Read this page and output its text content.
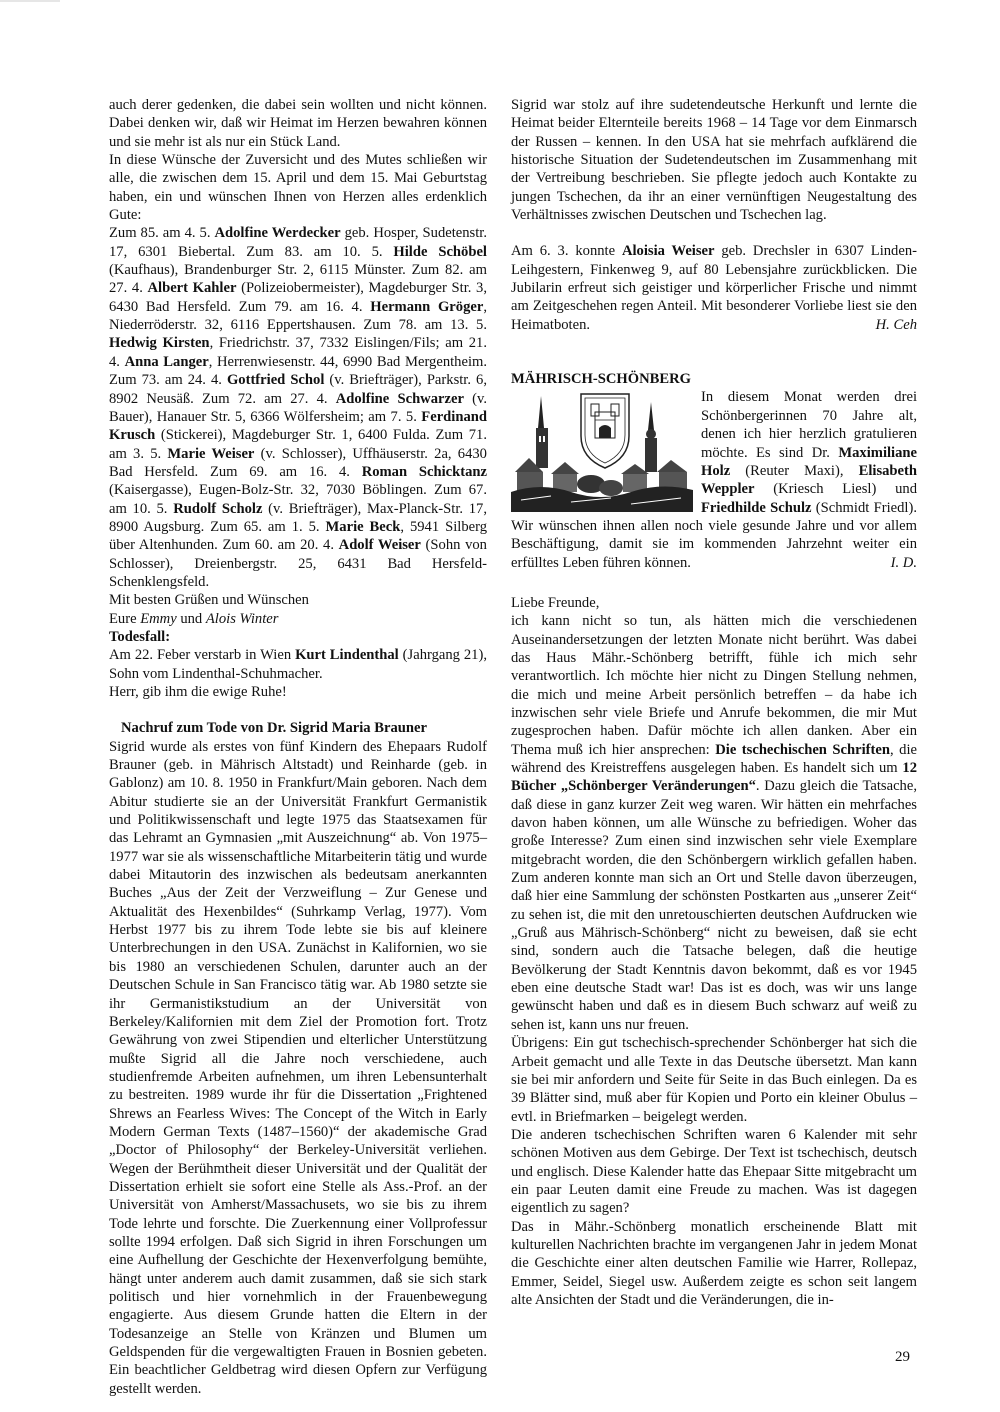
auch derer gedenken, die dabei sein wollten und nicht können. Dabei denken wir, daß wir Heimat im Herzen bewahren können und sie mehr ist als nur ein Stück Land.

In diese Wünsche der Zuversicht und des Mutes schließen wir alle, die zwischen dem 15. April und dem 15. Mai Geburtstag haben, ein und wünschen Ihnen von Herzen alles erdenklich Gute:

Zum 85. am 4. 5. Adolfine Werdecker geb. Hosper, Sudetenstr. 17, 6301 Biebertal. Zum 83. am 10. 5. Hilde Schöbel (Kaufhaus), Brandenburger Str. 2, 6115 Münster. Zum 82. am 27. 4. Albert Kahler (Polizeiobermeister), Magdeburger Str. 3, 6430 Bad Hersfeld. Zum 79. am 16. 4. Hermann Gröger, Niederröderstr. 32, 6116 Eppertshausen. Zum 78. am 13. 5. Hedwig Kirsten, Friedrichstr. 37, 7332 Eislingen/Fils; am 21. 4. Anna Langer, Herrenwiesenstr. 44, 6990 Bad Mergentheim. Zum 73. am 24. 4. Gottfried Schol (v. Briefträger), Parkstr. 6, 8902 Neusäß. Zum 72. am 27. 4. Adolfine Schwarzer (v. Bauer), Hanauer Str. 5, 6366 Wölfersheim; am 7. 5. Ferdinand Krusch (Stickerei), Magdeburger Str. 1, 6400 Fulda. Zum 71. am 3. 5. Marie Weiser (v. Schlosser), Uffhäuserstr. 2a, 6430 Bad Hersfeld. Zum 69. am 16. 4. Roman Schicktanz (Kaisergasse), Eugen-Bolz-Str. 32, 7030 Böblingen. Zum 67. am 10. 5. Rudolf Scholz (v. Briefträger), Max-Planck-Str. 17, 8900 Augsburg. Zum 65. am 1. 5. Marie Beck, 5941 Silberg über Altenhunden. Zum 60. am 20. 4. Adolf Weiser (Sohn von Schlosser), Dreienbergstr. 25, 6431 Bad Hersfeld-Schenklengsfeld.

Mit besten Grüßen und Wünschen

Eure Emmy und Alois Winter

Todesfall:

Am 22. Feber verstarb in Wien Kurt Lindenthal (Jahrgang 21), Sohn vom Lindenthal-Schuhmacher.

Herr, gib ihm die ewige Ruhe!

Nachruf zum Tode von Dr. Sigrid Maria Brauner

Sigrid wurde als erstes von fünf Kindern des Ehepaars Rudolf Brauner (geb. in Mährisch Altstadt) und Reinharde (geb. in Gablonz) am 10. 8. 1950 in Frankfurt/Main geboren. Nach dem Abitur studierte sie an der Universität Frankfurt Germanistik und Politikwissenschaft und legte 1975 das Staatsexamen für das Lehramt an Gymnasien „mit Auszeichnung“ ab. Von 1975–1977 war sie als wissenschaftliche Mitarbeiterin tätig und wurde dabei Mitautorin des inzwischen als bedeutsam anerkannten Buches „Aus der Zeit der Verzweiflung – Zur Genese und Aktualität des Hexenbildes“ (Suhrkamp Verlag, 1977). Vom Herbst 1977 bis zu ihrem Tode lebte sie bis auf kleinere Unterbrechungen in den USA. Zunächst in Kalifornien, wo sie bis 1980 an verschiedenen Schulen, darunter auch an der Deutschen Schule in San Francisco tätig war. Ab 1980 setzte sie ihr Germanistikstudium an der Universität von Berkeley/Kalifornien mit dem Ziel der Promotion fort. Trotz Gewährung von zwei Stipendien und elterlicher Unterstützung mußte Sigrid all die Jahre noch verschiedene, auch studienfremde Arbeiten aufnehmen, um ihren Lebensunterhalt zu bestreiten. 1989 wurde ihr für die Dissertation „Frightened Shrews an Fearless Wives: The Concept of the Witch in Early Modern German Texts (1487–1560)“ der akademische Grad „Doctor of Philosophy“ der Berkeley-Universität verliehen. Wegen der Berühmtheit dieser Universität und der Qualität der Dissertation erhielt sie sofort eine Stelle als Ass.-Prof. an der Universität von Amherst/Massachusets, wo sie bis zu ihrem Tode lehrte und forschte. Die Zuerkennung einer Vollprofessur sollte 1994 erfolgen. Daß sich Sigrid in ihren Forschungen um eine Aufhellung der Geschichte der Hexenverfolgung bemühte, hängt unter anderem auch damit zusammen, daß sie sich stark politisch und hier vornehmlich in der Frauenbewegung engagierte. Aus diesem Grunde hatten die Eltern in der Todesanzeige an Stelle von Kränzen und Blumen um Geldspenden für die vergewaltigten Frauen in Bosnien gebeten. Ein beachtlicher Geldbetrag wird diesen Opfern zur Verfügung gestellt werden.

Sigrid war stolz auf ihre sudetendeutsche Herkunft und lernte die Heimat beider Elternteile bereits 1968 – 14 Tage vor dem Einmarsch der Russen – kennen. In den USA hat sie mehrfach aufklärend die historische Situation der Sudetendeutschen im Zusammenhang mit der Vertreibung beschrieben. Sie pflegte jedoch auch Kontakte zu jungen Tschechen, da ihr an einer vernünftigen Neugestaltung des Verhältnisses zwischen Deutschen und Tschechen lag.

Am 6. 3. konnte Aloisia Weiser geb. Drechsler in 6307 Linden-Leihgestern, Finkenweg 9, auf 80 Lebensjahre zurückblicken. Die Jubilarin erfreut sich geistiger und körperlicher Frische und nimmt am Zeitgeschehen regen Anteil. Mit besonderer Vorliebe liest sie den Heimatboten.	H. Ceh

MÄHRISCH-SCHÖNBERG

In diesem Monat werden drei Schönbergerinnen 70 Jahre alt, denen ich hier herzlich gratulieren möchte. Es sind Dr. Maximiliane Holz (Reuter Maxi), Elisabeth Weppler (Kriesch Liesl) und Friedhilde Schulz (Schmidt Friedl). Wir wünschen ihnen allen noch viele gesunde Jahre und vor allem Beschäftigung, damit sie im kommenden Jahrzehnt weiter ein erfülltes Leben führen können.	I. D.

Liebe Freunde,

ich kann nicht so tun, als hätten mich die verschiedenen Auseinandersetzungen der letzten Monate nicht berührt. Was dabei das Haus Mähr.-Schönberg betrifft, fühle ich mich sehr verantwortlich. Ich möchte hier nicht zu Dingen Stellung nehmen, die mich und meine Arbeit persönlich betreffen – da habe ich inzwischen sehr viele Briefe und Anrufe bekommen, die mir Mut zugesprochen haben. Dafür möchte ich allen danken. Aber ein Thema muß ich hier ansprechen: Die tschechischen Schriften, die während des Kreistreffens ausgelegen haben. Es handelt sich um 12 Bücher „Schönberger Veränderungen“. Dazu gleich die Tatsache, daß diese in ganz kurzer Zeit weg waren. Wir hätten ein mehrfaches davon haben können, um alle Wünsche zu befriedigen. Woher das große Interesse? Zum einen sind inzwischen sehr viele Exemplare mitgebracht worden, die den Schönbergern wirklich gefallen haben. Zum anderen konnte man sich an Ort und Stelle davon überzeugen, daß hier eine Sammlung der schönsten Postkarten aus „unserer Zeit“ zu sehen ist, die mit den unretouschierten deutschen Aufdrucken wie „Gruß aus Mährisch-Schönberg“ nicht zu beweisen, daß sie echt sind, sondern auch die Tatsache belegen, daß die heutige Bevölkerung der Stadt Kenntnis davon bekommt, daß es vor 1945 eben eine deutsche Stadt war! Das ist es doch, was wir uns lange gewünscht haben und daß es in diesem Buch schwarz auf weiß zu sehen ist, kann uns nur freuen.

Übrigens: Ein gut tschechisch-sprechender Schönberger hat sich die Arbeit gemacht und alle Texte in das Deutsche übersetzt. Man kann sie bei mir anfordern und Seite für Seite in das Buch einlegen. Da es 39 Blätter sind, muß aber für Kopien und Porto ein kleiner Obulus – evtl. in Briefmarken – beigelegt werden.

Die anderen tschechischen Schriften waren 6 Kalender mit sehr schönen Motiven aus dem Gebirge. Der Text ist tschechisch, deutsch und englisch. Diese Kalender hatte das Ehepaar Sitte mitgebracht um ein paar Leuten damit eine Freude zu machen. Was ist dagegen eigentlich zu sagen?

Das in Mähr.-Schönberg monatlich erscheinende Blatt mit kulturellen Nachrichten brachte im vergangenen Jahr in jedem Monat die Geschichte einer alten deutschen Familie wie Harrer, Rollepaz, Emmer, Seidel, Siegel usw. Außerdem zeigte es schon seit langem alte Ansichten der Stadt und die Veränderungen, die in-

29
